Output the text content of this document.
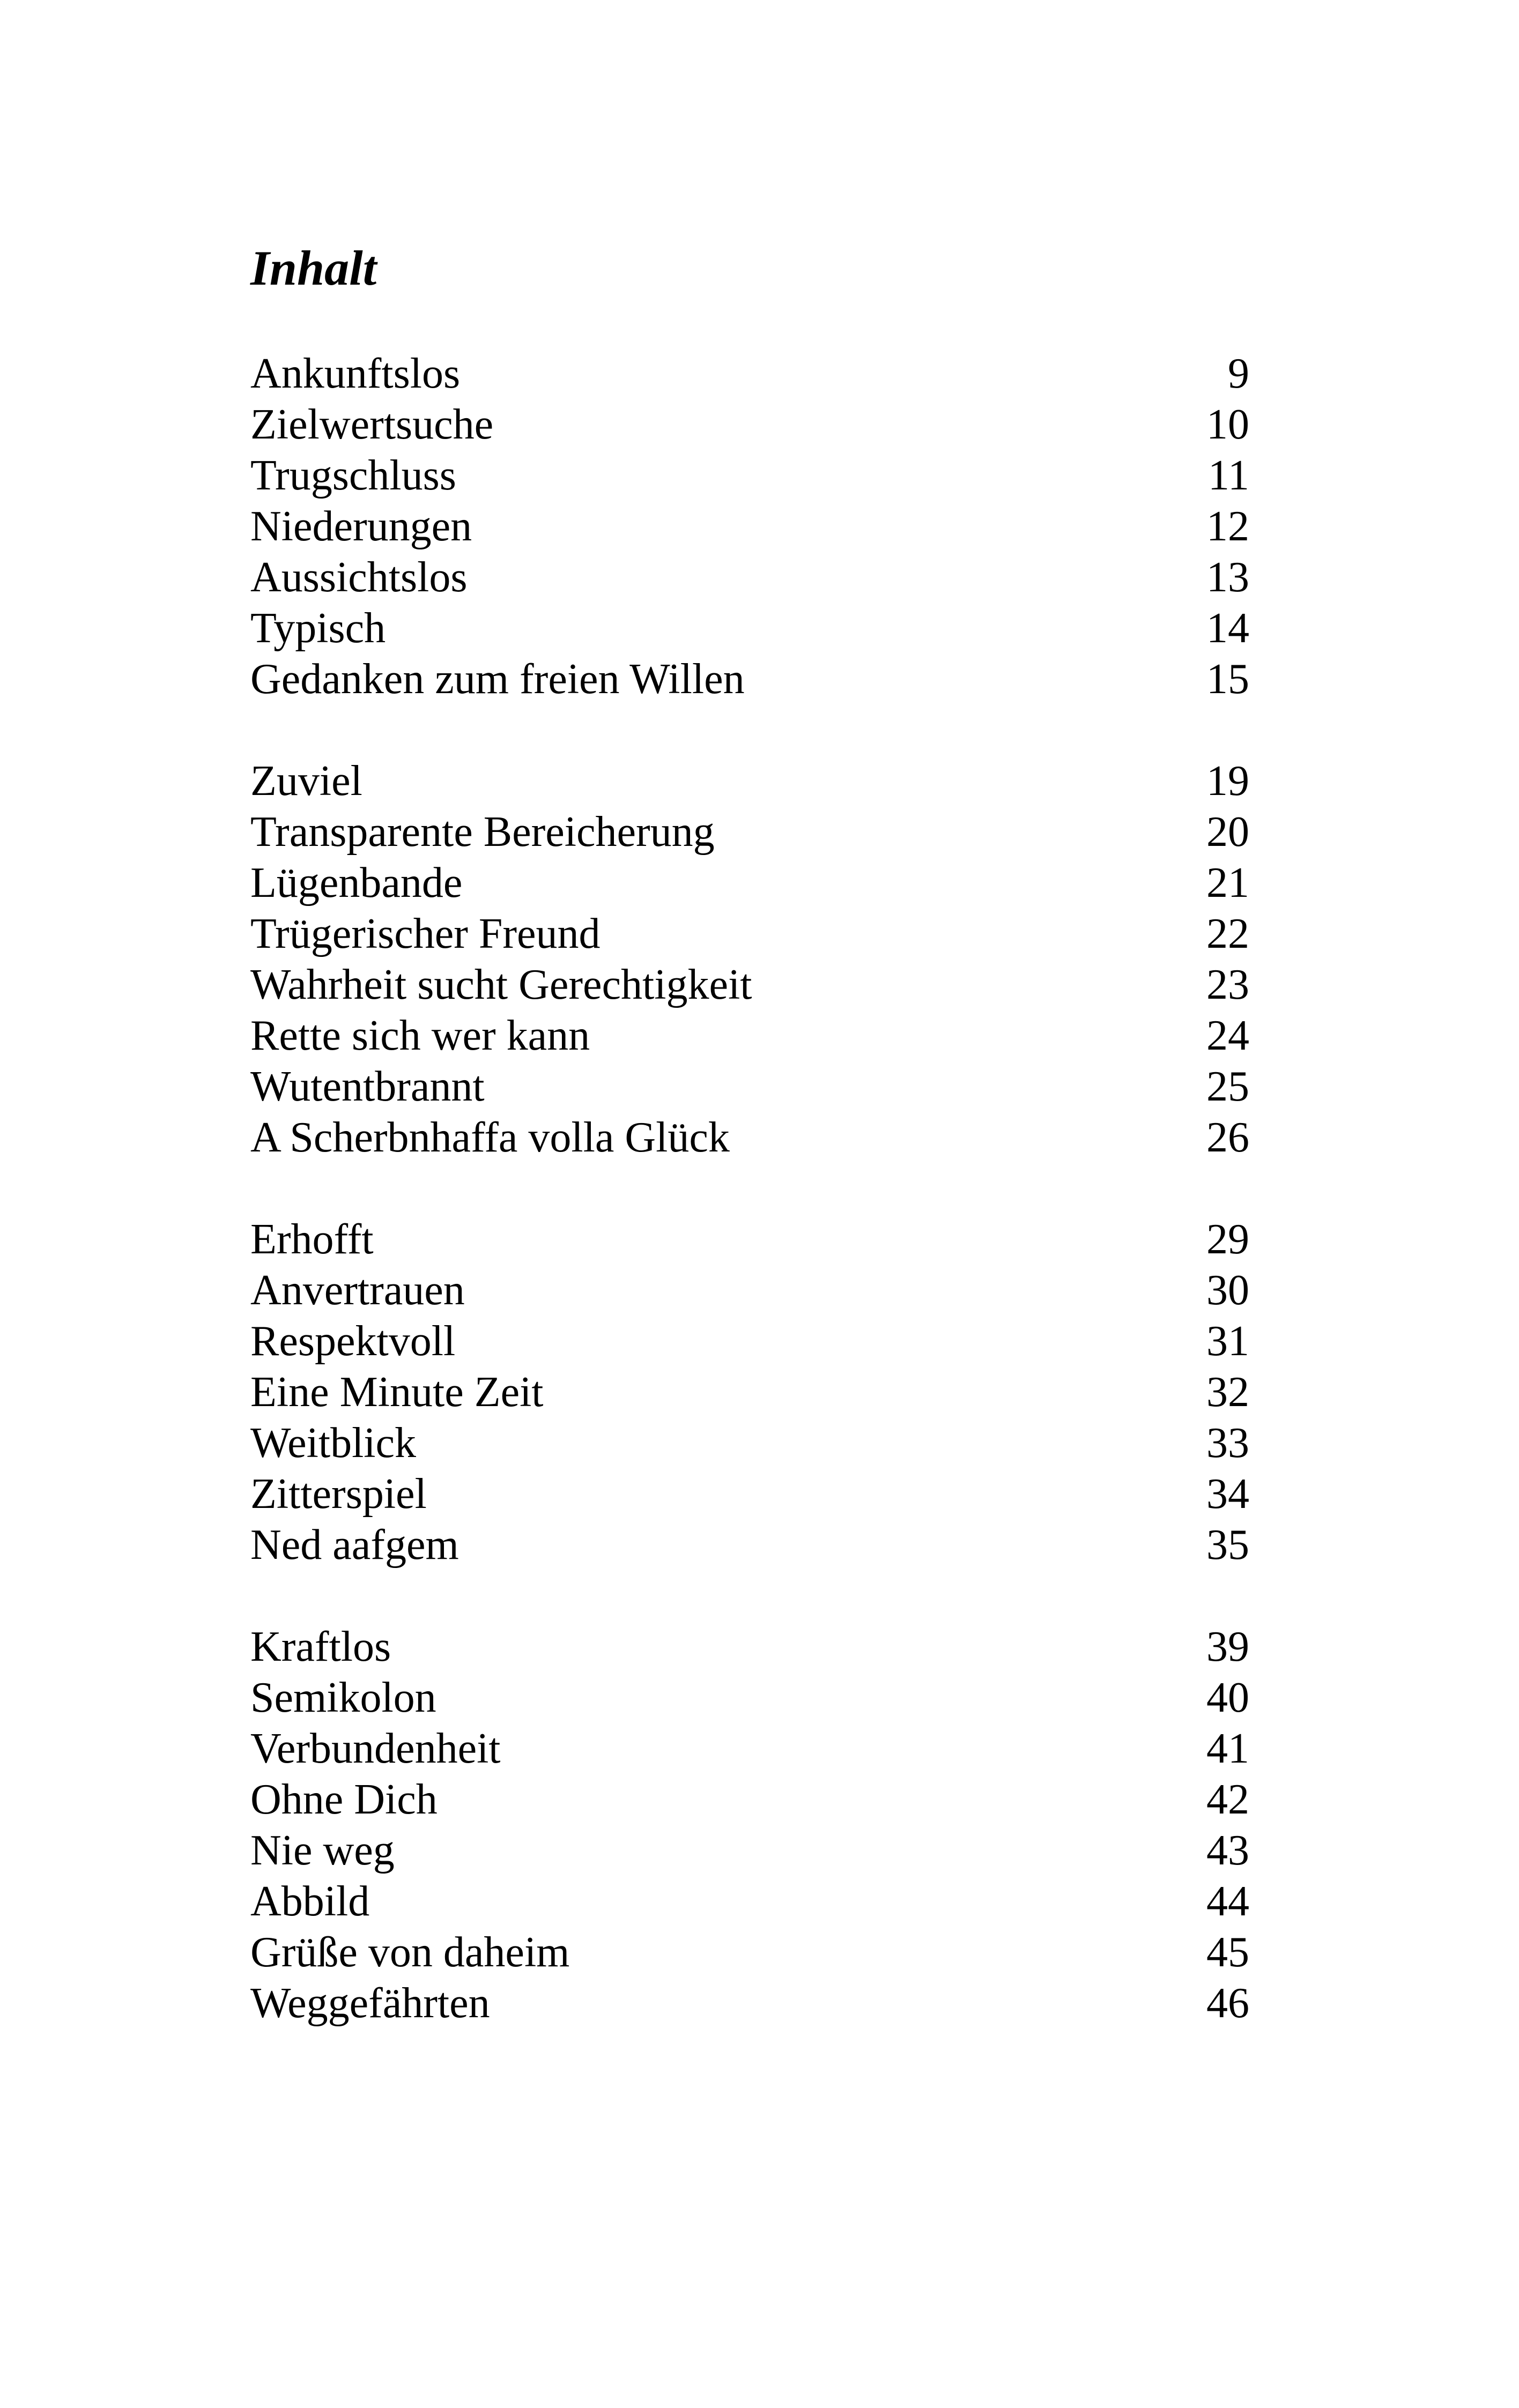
Inhalt
Ankunftslos	9
Zielwertsuche	10
Trugschluss	11
Niederungen	12
Aussichtslos	13
Typisch	14
Gedanken zum freien Willen	15
Zuviel	19
Transparente Bereicherung	20
Lügenbande	21
Trügerischer Freund	22
Wahrheit sucht Gerechtigkeit	23
Rette sich wer kann	24
Wutentbrannt	25
A Scherbnhaffa volla Glück	26
Erhofft	29
Anvertrauen	30
Respektvoll	31
Eine Minute Zeit	32
Weitblick	33
Zitterspiel	34
Ned aafgem	35
Kraftlos	39
Semikolon	40
Verbundenheit	41
Ohne Dich	42
Nie weg	43
Abbild	44
Grüße von daheim	45
Weggefährten	46
